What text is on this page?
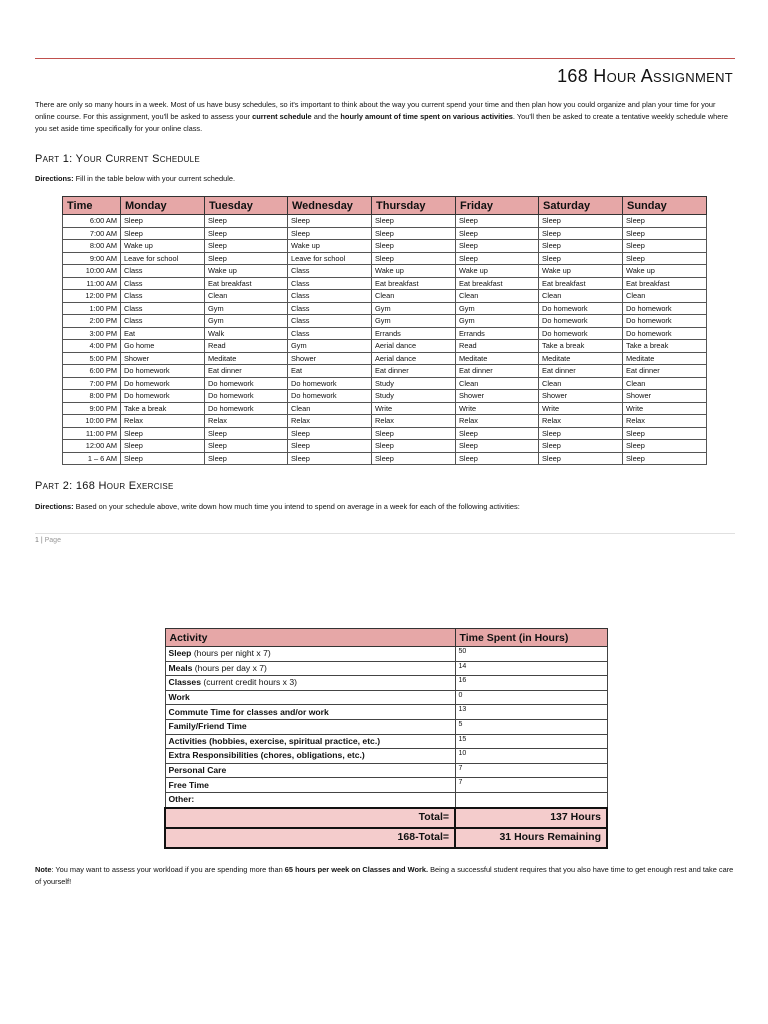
168 Hour Assignment
There are only so many hours in a week. Most of us have busy schedules, so it's important to think about the way you current spend your time and then plan how you could organize and plan your time for your online course. For this assignment, you'll be asked to assess your current schedule and the hourly amount of time spent on various activities. You'll then be asked to create a tentative weekly schedule where you set aside time specifically for your online class.
Part 1: Your Current Schedule
Directions: Fill in the table below with your current schedule.
Time	Monday	Tuesday	Wednesday	Thursday	Friday	Saturday	Sunday
6:00 AM	Sleep	Sleep	Sleep	Sleep	Sleep	Sleep	Sleep
7:00 AM	Sleep	Sleep	Sleep	Sleep	Sleep	Sleep	Sleep
8:00 AM	Wake up	Sleep	Wake up	Sleep	Sleep	Sleep	Sleep
9:00 AM	Leave for school	Sleep	Leave for school	Sleep	Sleep	Sleep	Sleep
10:00 AM	Class	Wake up	Class	Wake up	Wake up	Wake up	Wake up
11:00 AM	Class	Eat breakfast	Class	Eat breakfast	Eat breakfast	Eat breakfast	Eat breakfast
12:00 PM	Class	Clean	Class	Clean	Clean	Clean	Clean
1:00 PM	Class	Gym	Class	Gym	Gym	Do homework	Do homework
2:00 PM	Class	Gym	Class	Gym	Gym	Do homework	Do homework
3:00 PM	Eat	Walk	Class	Errands	Errands	Do homework	Do homework
4:00 PM	Go home	Read	Gym	Aerial dance	Read	Take a break	Take a break
5:00 PM	Shower	Meditate	Shower	Aerial dance	Meditate	Meditate	Meditate
6:00 PM	Do homework	Eat dinner	Eat	Eat dinner	Eat dinner	Eat dinner	Eat dinner
7:00 PM	Do homework	Do homework	Do homework	Study	Clean	Clean	Clean
8:00 PM	Do homework	Do homework	Do homework	Study	Shower	Shower	Shower
9:00 PM	Take a break	Do homework	Clean	Write	Write	Write	Write
10:00 PM	Relax	Relax	Relax	Relax	Relax	Relax	Relax
11:00 PM	Sleep	Sleep	Sleep	Sleep	Sleep	Sleep	Sleep
12:00 AM	Sleep	Sleep	Sleep	Sleep	Sleep	Sleep	Sleep
1 – 6 AM	Sleep	Sleep	Sleep	Sleep	Sleep	Sleep	Sleep
Part 2: 168 Hour Exercise
Directions: Based on your schedule above, write down how much time you intend to spend on average in a week for each of the following activities:
1 | Page
Activity	Time Spent (in Hours)
Sleep (hours per night x 7)	50
Meals (hours per day x 7)	14
Classes (current credit hours x 3)	16
Work	0
Commute Time for classes and/or work	13
Family/Friend Time	5
Activities (hobbies, exercise, spiritual practice, etc.)	15
Extra Responsibilities (chores, obligations, etc.)	10
Personal Care	7
Free Time	7
Other:	
Total=	137 Hours
168-Total=	31 Hours Remaining
Note: You may want to assess your workload if you are spending more than 65 hours per week on Classes and Work. Being a successful student requires that you also have time to get enough rest and take care of yourself!
